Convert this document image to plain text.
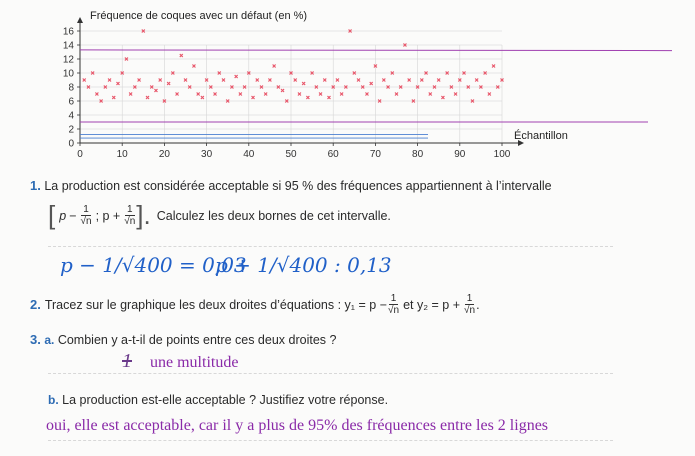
0	10	20	30	40	50	60	70	80	90	100
0
2
4
6
8
10
12
14
16
Fréquence de coques avec un défaut (en %)
Échantillon
1. La production est considérée acceptable si 95 % des fréquences appartiennent à l’intervalle
[ $p - \frac{1}{√n}$ ; $p + \frac{1}{√n}$ ]. Calculez les deux bornes de cet intervalle.
p − 1/√400 = 0,03
p + 1/√400 : 0,13
2. Tracez sur le graphique les deux droites d’équations : $y_1 = p - \frac{1}{√n}$ et $y_2 = p + \frac{1}{√n}$ .
3. a. Combien y a-t-il de points entre ces deux droites ?
1 une multitude
b. La production est-elle acceptable ? Justifiez votre réponse.
oui, elle est acceptable, car il y a plus de 95% des fréquences entre les 2 lignes
